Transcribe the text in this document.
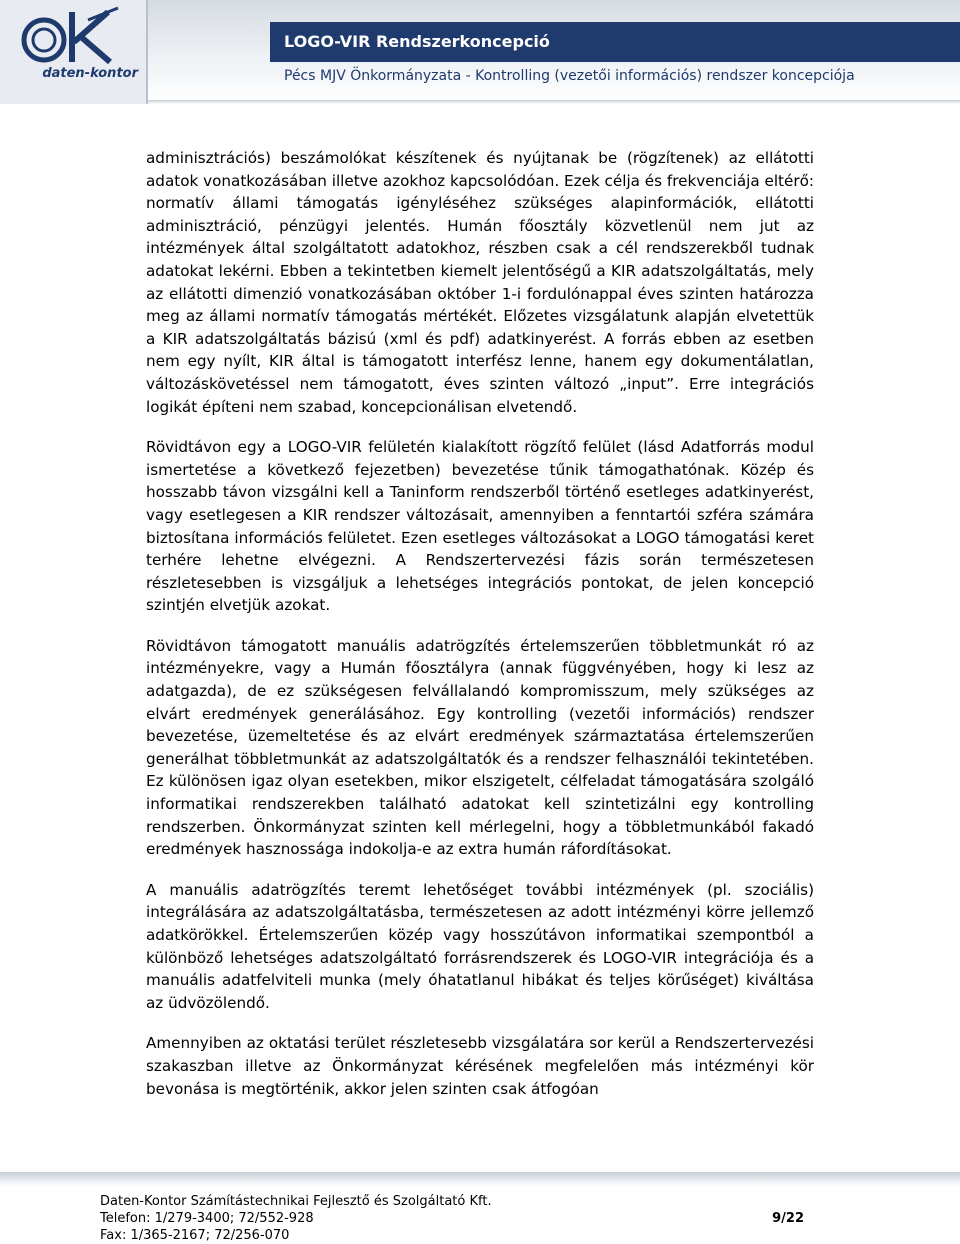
daten-kontor
LOGO-VIR Rendszerkoncepció
Pécs MJV Önkormányzata - Kontrolling (vezetői információs) rendszer koncepciója

adminisztrációs) beszámolókat készítenek és nyújtanak be (rögzítenek) az ellátotti adatok vonatkozásában illetve azokhoz kapcsolódóan. Ezek célja és frekvenciája eltérő: normatív állami támogatás igényléséhez szükséges alapinformációk, ellátotti adminisztráció, pénzügyi jelentés. Humán főosztály közvetlenül nem jut az intézmények által szolgáltatott adatokhoz, részben csak a cél rendszerekből tudnak adatokat lekérni. Ebben a tekintetben kiemelt jelentőségű a KIR adatszolgáltatás, mely az ellátotti dimenzió vonatkozásában október 1-i fordulónappal éves szinten határozza meg az állami normatív támogatás mértékét. Előzetes vizsgálatunk alapján elvetettük a KIR adatszolgáltatás bázisú (xml és pdf) adatkinyerést. A forrás ebben az esetben nem egy nyílt, KIR által is támogatott interfész lenne, hanem egy dokumentálatlan, változáskövetéssel nem támogatott, éves szinten változó „input”. Erre integrációs logikát építeni nem szabad, koncepcionálisan elvetendő.

Rövidtávon egy a LOGO-VIR felületén kialakított rögzítő felület (lásd Adatforrás modul ismertetése a következő fejezetben) bevezetése tűnik támogathatónak. Közép és hosszabb távon vizsgálni kell a Taninform rendszerből történő esetleges adatkinyerést, vagy esetlegesen a KIR rendszer változásait, amennyiben a fenntartói szféra számára biztosítana információs felületet. Ezen esetleges változásokat a LOGO támogatási keret terhére lehetne elvégezni. A Rendszertervezési fázis során természetesen részletesebben is vizsgáljuk a lehetséges integrációs pontokat, de jelen koncepció szintjén elvetjük azokat.

Rövidtávon támogatott manuális adatrögzítés értelemszerűen többletmunkát ró az intézményekre, vagy a Humán főosztályra (annak függvényében, hogy ki lesz az adatgazda), de ez szükségesen felvállalandó kompromisszum, mely szükséges az elvárt eredmények generálásához. Egy kontrolling (vezetői információs) rendszer bevezetése, üzemeltetése és az elvárt eredmények származtatása értelemszerűen generálhat többletmunkát az adatszolgáltatók és a rendszer felhasználói tekintetében. Ez különösen igaz olyan esetekben, mikor elszigetelt, célfeladat támogatására szolgáló informatikai rendszerekben található adatokat kell szintetizálni egy kontrolling rendszerben. Önkormányzat szinten kell mérlegelni, hogy a többletmunkából fakadó eredmények hasznossága indokolja-e az extra humán ráfordításokat.

A manuális adatrögzítés teremt lehetőséget további intézmények (pl. szociális) integrálására az adatszolgáltatásba, természetesen az adott intézményi körre jellemző adatkörökkel. Értelemszerűen közép vagy hosszútávon informatikai szempontból a különböző lehetséges adatszolgáltató forrásrendszerek és LOGO-VIR integrációja és a manuális adatfelviteli munka (mely óhatatlanul hibákat és teljes körűséget) kiváltása az üdvözölendő.

Amennyiben az oktatási terület részletesebb vizsgálatára sor kerül a Rendszertervezési szakaszban illetve az Önkormányzat kérésének megfelelően más intézményi kör bevonása is megtörténik, akkor jelen szinten csak átfogóan

Daten-Kontor Számítástechnikai Fejlesztő és Szolgáltató Kft.
Telefon: 1/279-3400; 72/552-928	9/22
Fax: 1/365-2167; 72/256-070
